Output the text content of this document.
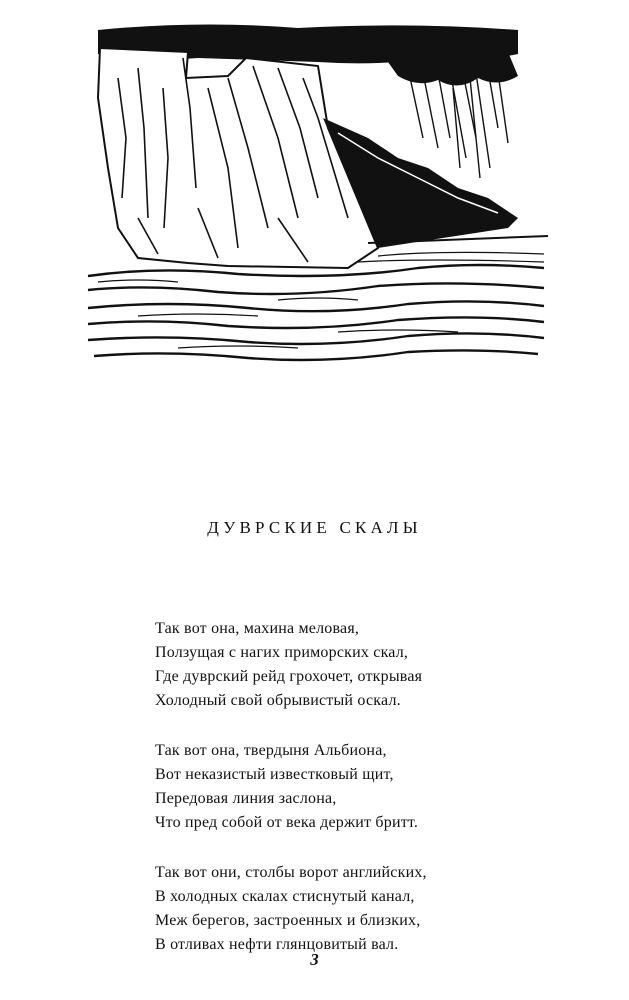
ДУВРСКИЕ СКАЛЫ
Так вот она, махина меловая,
Ползущая с нагих приморских скал,
Где дуврский рейд грохочет, открывая
Холодный свой обрывистый оскал.
Так вот она, твердыня Альбиона,
Вот неказистый известковый щит,
Передовая линия заслона,
Что пред собой от века держит бритт.
Так вот они, столбы ворот английских,
В холодных скалах стиснутый канал,
Меж берегов, застроенных и близких,
В отливах нефти глянцовитый вал.
3
